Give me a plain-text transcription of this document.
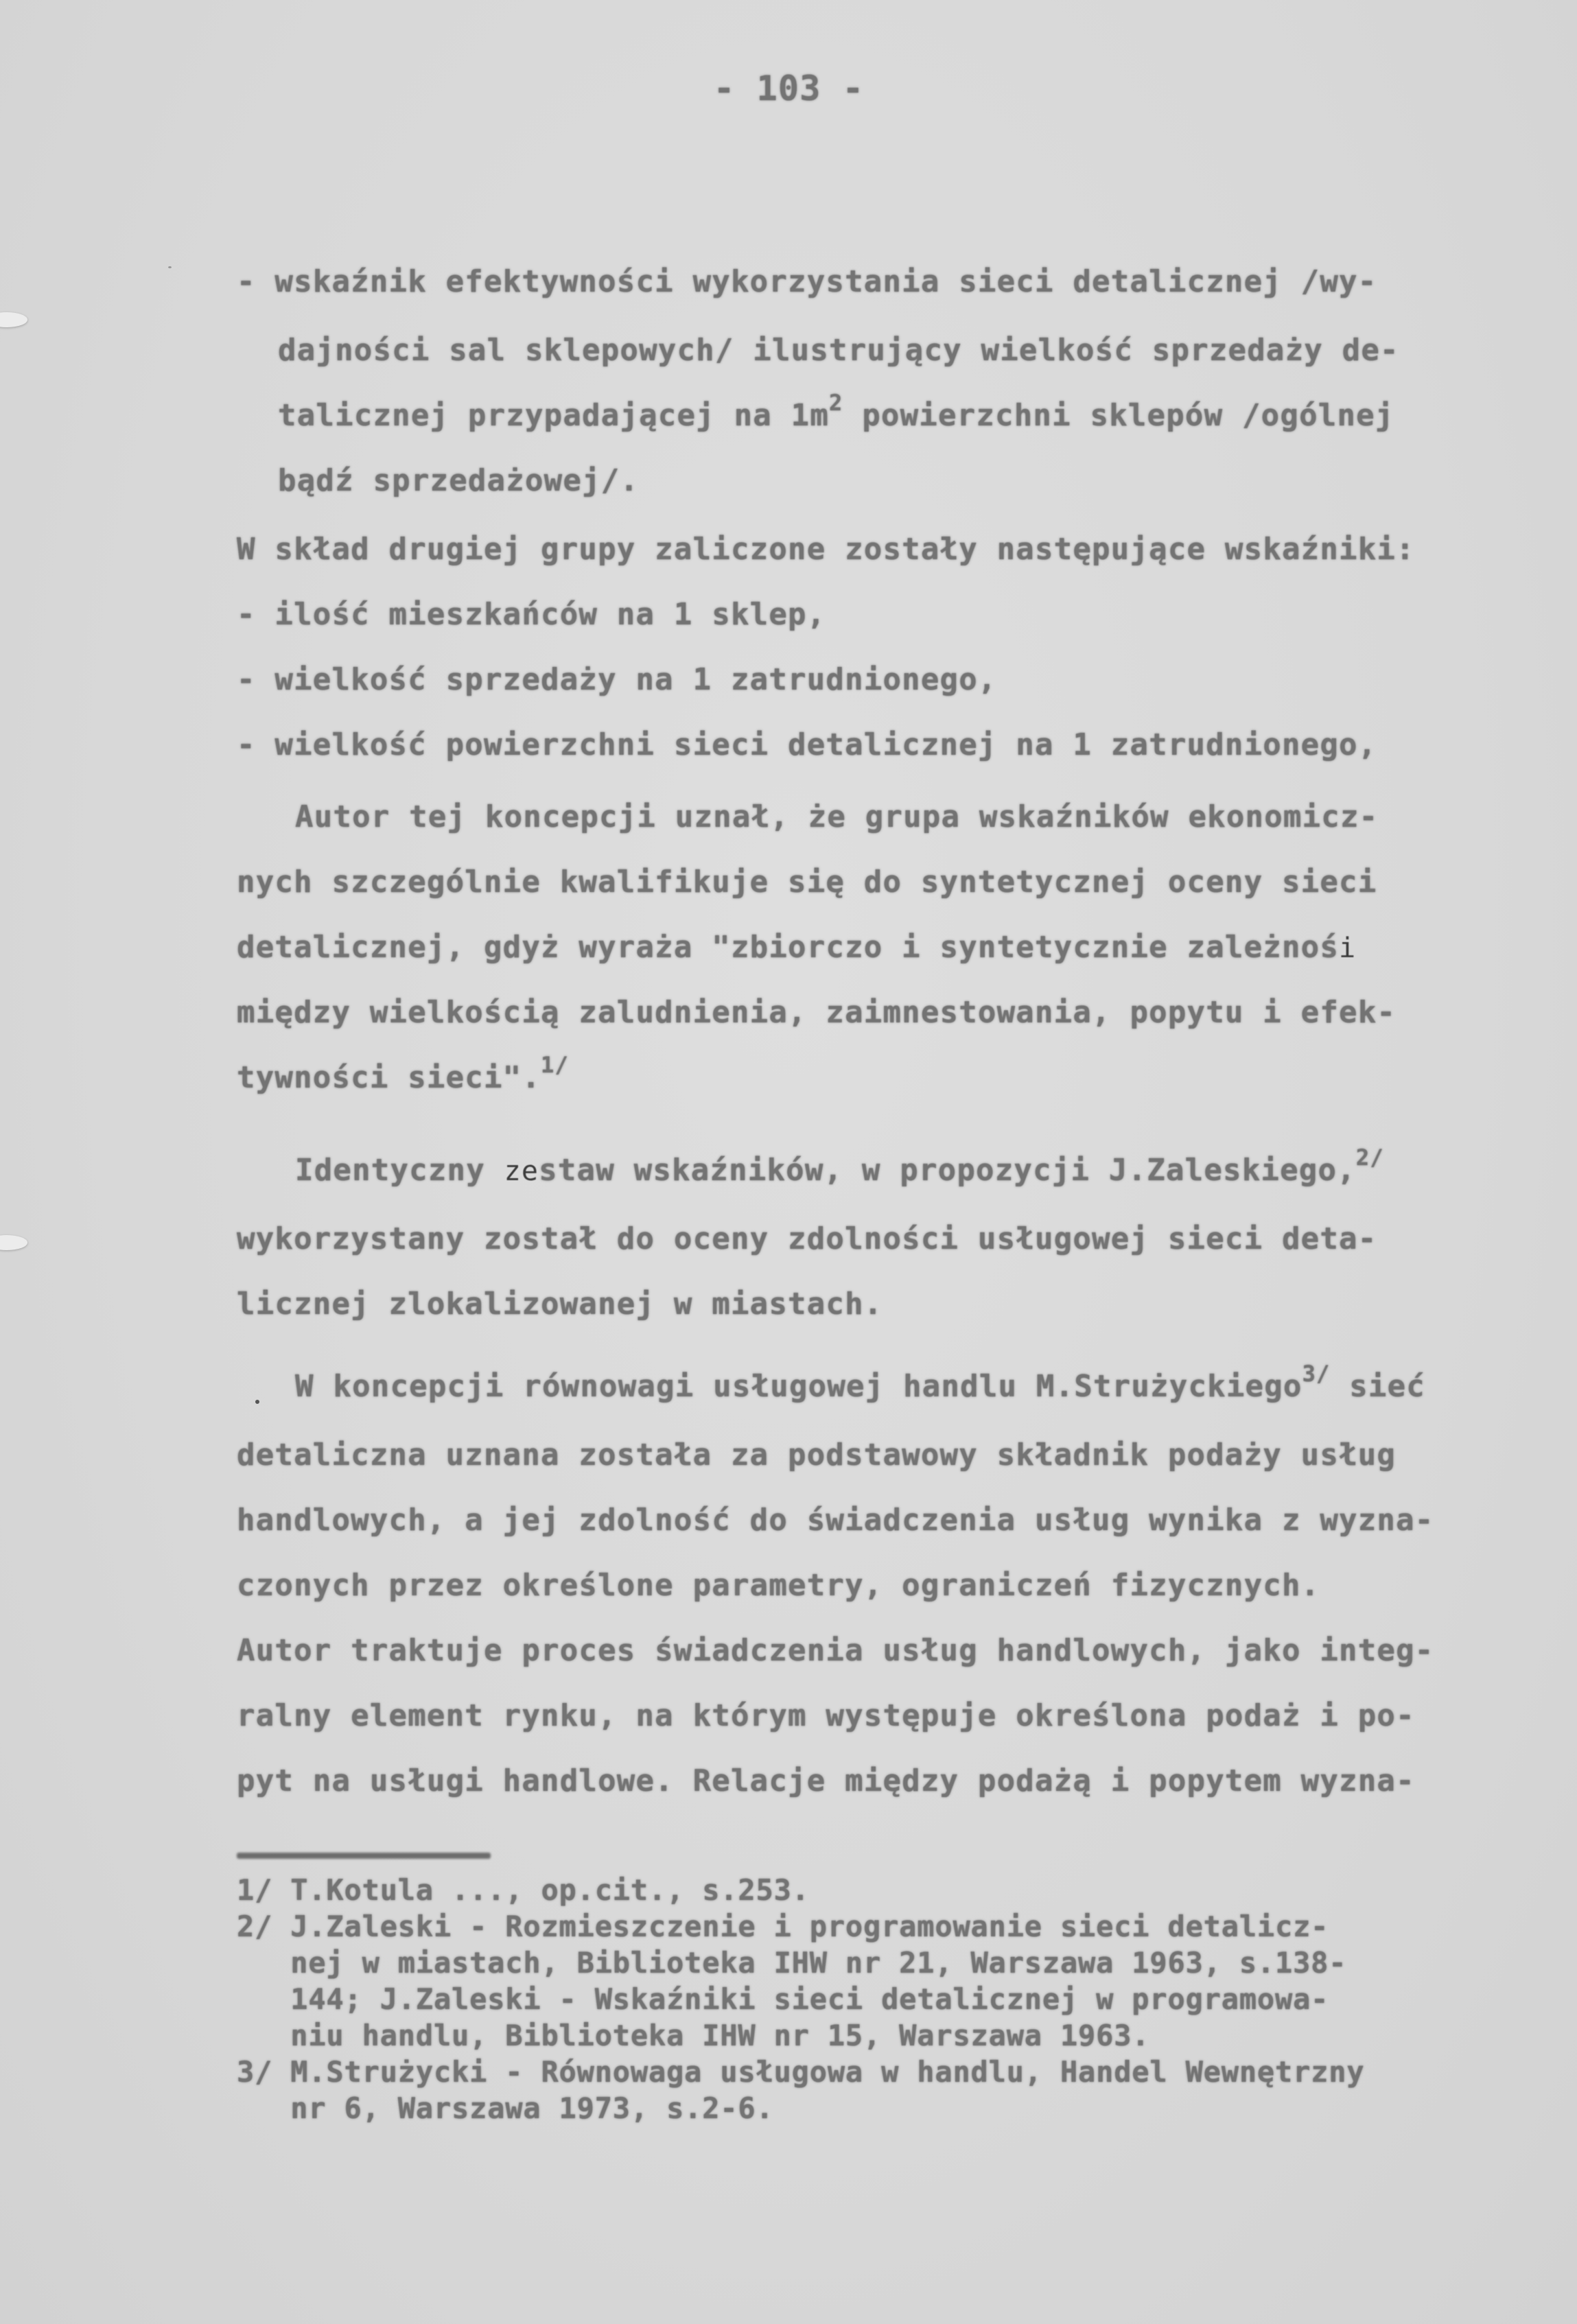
- 103 -
- wskaźnik efektywności wykorzystania sieci detalicznej /wy-
dajności sal sklepowych/ ilustrujący wielkość sprzedaży de-
talicznej przypadającej na 1m$^2$ powierzchni sklepów /ogólnej
bądź sprzedażowej/.
W skład drugiej grupy zaliczone zostały następujące wskaźniki:
- ilość mieszkańców na 1 sklep,
- wielkość sprzedaży na 1 zatrudnionego,
- wielkość powierzchni sieci detalicznej na 1 zatrudnionego,
Autor tej koncepcji uznał, że grupa wskaźników ekonomicz-
nych szczególnie kwalifikuje się do syntetycznej oceny sieci
detalicznej, gdyż wyraża "zbiorczo i syntetycznie zależnośi
między wielkością zaludnienia, zaimnestowania, popytu i efek-
tywności sieci".$^{1/}$
Identyczny zestaw wskaźników, w propozycji J.Zaleskiego,$^{2/}$
wykorzystany został do oceny zdolności usługowej sieci deta-
licznej zlokalizowanej w miastach.
W koncepcji równowagi usługowej handlu M.Strużyckiego$^{3/}$ sieć
detaliczna uznana została za podstawowy składnik podaży usług
handlowych, a jej zdolność do świadczenia usług wynika z wyzna-
czonych przez określone parametry, ograniczeń fizycznych.
Autor traktuje proces świadczenia usług handlowych, jako integ-
ralny element rynku, na którym występuje określona podaż i po-
pyt na usługi handlowe. Relacje między podażą i popytem wyzna-
1/ T.Kotula ..., op.cit., s.253.
2/ J.Zaleski - Rozmieszczenie i programowanie sieci detalicz-
nej w miastach, Biblioteka IHW nr 21, Warszawa 1963, s.138-
144; J.Zaleski - Wskaźniki sieci detalicznej w programowa-
niu handlu, Biblioteka IHW nr 15, Warszawa 1963.
3/ M.Strużycki - Równowaga usługowa w handlu, Handel Wewnętrzny
nr 6, Warszawa 1973, s.2-6.
